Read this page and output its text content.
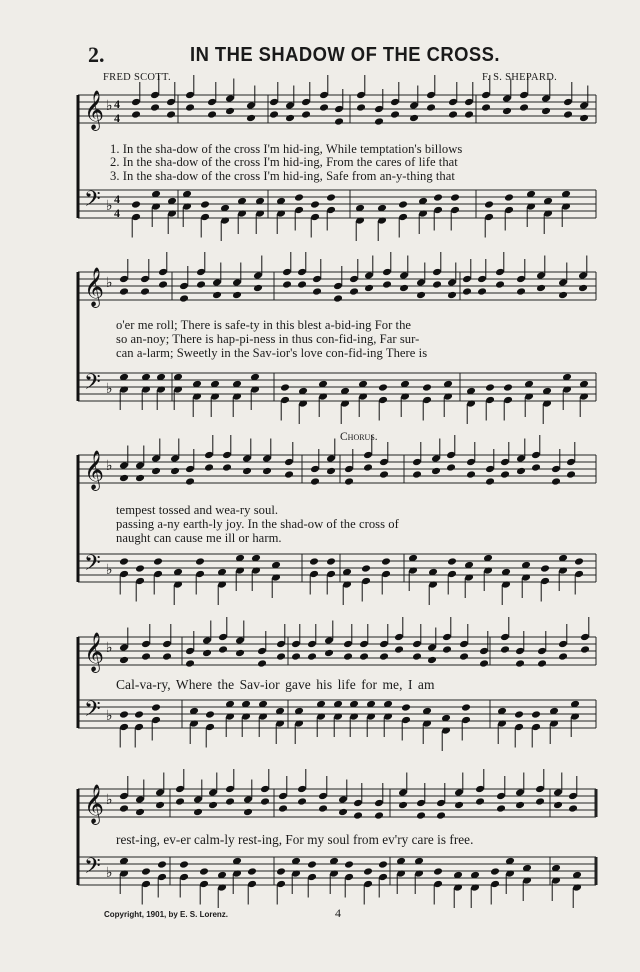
2.	IN THE SHADOW OF THE CROSS.
FRED SCOTT.	F. S. SHEPARD.
𝄞 ♭ 4
4
𝄢 ♭ 4
4
𝄞 ♭
𝄢 ♭
𝄞 ♭
𝄢 ♭
𝄞 ♭
𝄢 ♭
𝄞 ♭
𝄢 ♭
1. In the sha-dow of the cross I'm hid-ing, While temptation's billows
2. In the sha-dow of the cross I'm hid-ing, From the cares of life that
3. In the sha-dow of the cross I'm hid-ing, Safe from an-y-thing that
o'er me roll; There is safe-ty in this blest a-bid-ing For the
so an-noy; There is hap-pi-ness in thus con-fid-ing, Far sur-
can a-larm; Sweetly in the Sav-ior's love con-fid-ing There is
Chorus.
tempest tossed and wea-ry soul.
passing a-ny earth-ly joy. In the shad-ow of the cross of
naught can cause me ill or harm.
Cal-va-ry, Where the Sav-ior gave his life for me, I am
rest-ing, ev-er calm-ly rest-ing, For my soul from ev'ry care is free.
Copyright, 1901, by E. S. Lorenz.	4
